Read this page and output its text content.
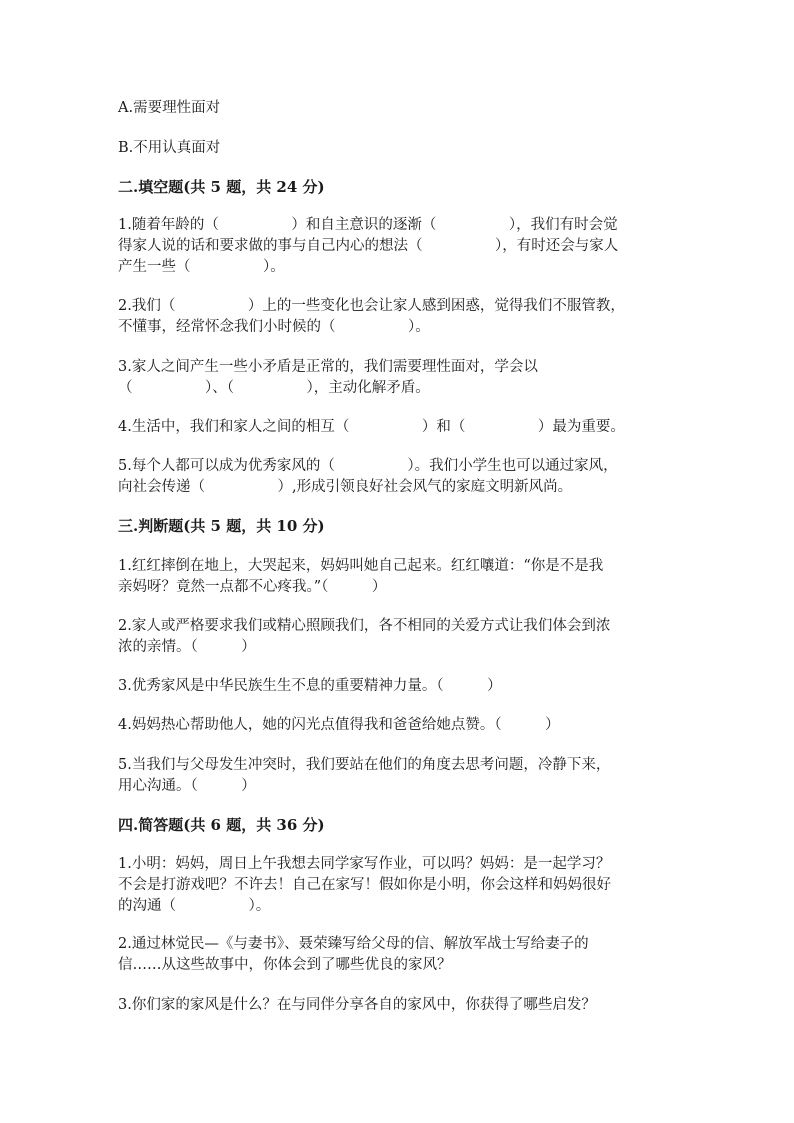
A.需要理性面对
B.不用认真面对
二.填空题(共 5 题，共 24 分)
1.随着年龄的（　　　　　）和自主意识的逐渐（　　　　　），我们有时会觉
得家人说的话和要求做的事与自己内心的想法（　　　　　），有时还会与家人
产生一些（　　　　　）。
2.我们（　　　　　）上的一些变化也会让家人感到困惑，觉得我们不服管教，
不懂事，经常怀念我们小时候的（　　　　　）。
3.家人之间产生一些小矛盾是正常的，我们需要理性面对，学会以
（　　　　　）、（　　　　　），主动化解矛盾。
4.生活中，我们和家人之间的相互（　　　　　）和（　　　　　）最为重要。
5.每个人都可以成为优秀家风的（　　　　　）。我们小学生也可以通过家风，
向社会传递（　　　　　）,形成引领良好社会风气的家庭文明新风尚。
三.判断题(共 5 题，共 10 分)
1.红红摔倒在地上，大哭起来，妈妈叫她自己起来。红红嚷道：“你是不是我
亲妈呀？竟然一点都不心疼我。”（　　　）
2.家人或严格要求我们或精心照顾我们，各不相同的关爱方式让我们体会到浓
浓的亲情。（　　　）
3.优秀家风是中华民族生生不息的重要精神力量。（　　　）
4.妈妈热心帮助他人，她的闪光点值得我和爸爸给她点赞。（　　　）
5.当我们与父母发生冲突时，我们要站在他们的角度去思考问题，冷静下来，
用心沟通。（　　　）
四.简答题(共 6 题，共 36 分)
1.小明：妈妈，周日上午我想去同学家写作业，可以吗？妈妈：是一起学习？
不会是打游戏吧？不许去！自己在家写！假如你是小明，你会这样和妈妈很好
的沟通（　　　　　）。
2.通过林觉民—《与妻书》、聂荣臻写给父母的信、解放军战士写给妻子的
信……从这些故事中，你体会到了哪些优良的家风？
3.你们家的家风是什么？在与同伴分享各自的家风中，你获得了哪些启发？
